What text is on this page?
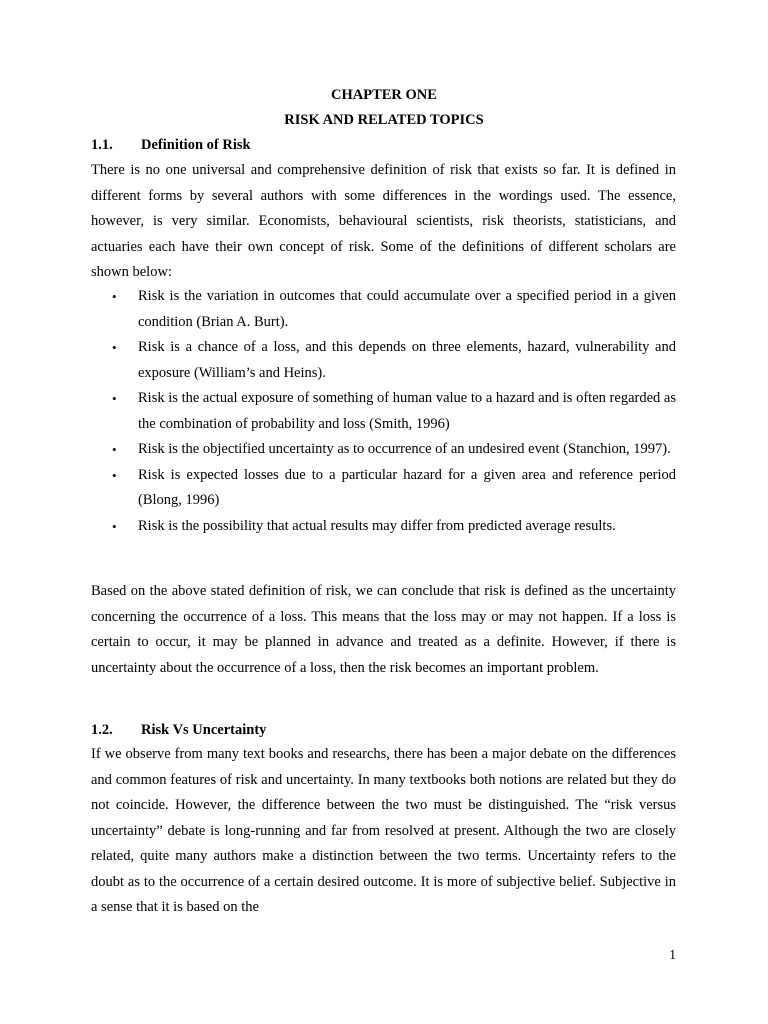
CHAPTER ONE
RISK AND RELATED TOPICS
1.1. Definition of Risk

There is no one universal and comprehensive definition of risk that exists so far. It is defined in different forms by several authors with some differences in the wordings used. The essence, however, is very similar. Economists, behavioural scientists, risk theorists, statisticians, and actuaries each have their own concept of risk. Some of the definitions of different scholars are shown below:

• Risk is the variation in outcomes that could accumulate over a specified period in a given condition (Brian A. Burt).
• Risk is a chance of a loss, and this depends on three elements, hazard, vulnerability and exposure (William’s and Heins).
• Risk is the actual exposure of something of human value to a hazard and is often regarded as the combination of probability and loss (Smith, 1996)
• Risk is the objectified uncertainty as to occurrence of an undesired event (Stanchion, 1997).
• Risk is expected losses due to a particular hazard for a given area and reference period (Blong, 1996)
• Risk is the possibility that actual results may differ from predicted average results.

Based on the above stated definition of risk, we can conclude that risk is defined as the uncertainty concerning the occurrence of a loss. This means that the loss may or may not happen. If a loss is certain to occur, it may be planned in advance and treated as a definite. However, if there is uncertainty about the occurrence of a loss, then the risk becomes an important problem.

1.2. Risk Vs Uncertainty

If we observe from many text books and researchs, there has been a major debate on the differences and common features of risk and uncertainty. In many textbooks both notions are related but they do not coincide. However, the difference between the two must be distinguished. The “risk versus uncertainty” debate is long-running and far from resolved at present. Although the two are closely related, quite many authors make a distinction between the two terms. Uncertainty refers to the doubt as to the occurrence of a certain desired outcome. It is more of subjective belief. Subjective in a sense that it is based on the

1
